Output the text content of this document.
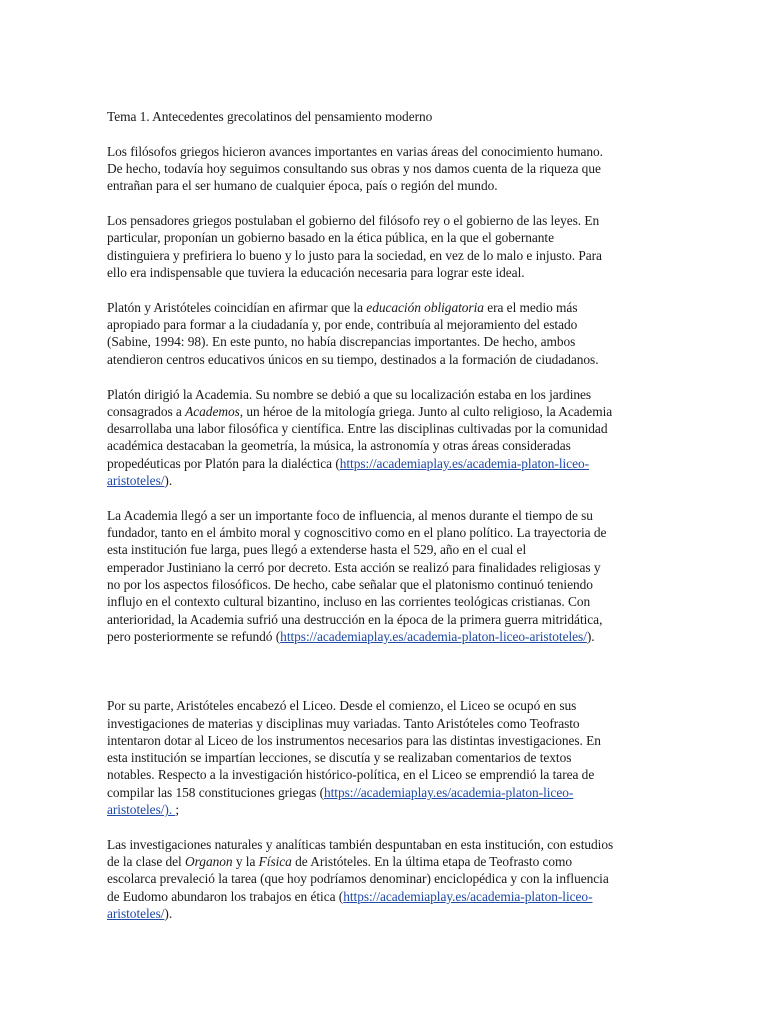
Tema 1. Antecedentes grecolatinos del pensamiento moderno
Los filósofos griegos hicieron avances importantes en varias áreas del conocimiento humano.
De hecho, todavía hoy seguimos consultando sus obras y nos damos cuenta de la riqueza que
entrañan para el ser humano de cualquier época, país o región del mundo.
Los pensadores griegos postulaban el gobierno del filósofo rey o el gobierno de las leyes. En
particular, proponían un gobierno basado en la ética pública, en la que el gobernante
distinguiera y prefiriera lo bueno y lo justo para la sociedad, en vez de lo malo e injusto. Para
ello era indispensable que tuviera la educación necesaria para lograr este ideal.
Platón y Aristóteles coincidían en afirmar que la educación obligatoria era el medio más
apropiado para formar a la ciudadanía y, por ende, contribuía al mejoramiento del estado
(Sabine, 1994: 98). En este punto, no había discrepancias importantes. De hecho, ambos
atendieron centros educativos únicos en su tiempo, destinados a la formación de ciudadanos.
Platón dirigió la Academia. Su nombre se debió a que su localización estaba en los jardines
consagrados a Academos, un héroe de la mitología griega. Junto al culto religioso, la Academia
desarrollaba una labor filosófica y científica. Entre las disciplinas cultivadas por la comunidad
académica destacaban la geometría, la música, la astronomía y otras áreas consideradas
propedéuticas por Platón para la dialéctica (https://academiaplay.es/academia-platon-liceo-
aristoteles/).
La Academia llegó a ser un importante foco de influencia, al menos durante el tiempo de su
fundador, tanto en el ámbito moral y cognoscitivo como en el plano político. La trayectoria de
esta institución fue larga, pues llegó a extenderse hasta el 529, año en el cual el
emperador Justiniano la cerró por decreto. Esta acción se realizó para finalidades religiosas y
no por los aspectos filosóficos. De hecho, cabe señalar que el platonismo continuó teniendo
influjo en el contexto cultural bizantino, incluso en las corrientes teológicas cristianas. Con
anterioridad, la Academia sufrió una destrucción en la época de la primera guerra mitridática,
pero posteriormente se refundó (https://academiaplay.es/academia-platon-liceo-aristoteles/).
Por su parte, Aristóteles encabezó el Liceo. Desde el comienzo, el Liceo se ocupó en sus
investigaciones de materias y disciplinas muy variadas. Tanto Aristóteles como Teofrasto
intentaron dotar al Liceo de los instrumentos necesarios para las distintas investigaciones. En
esta institución se impartían lecciones, se discutía y se realizaban comentarios de textos
notables. Respecto a la investigación histórico-política, en el Liceo se emprendió la tarea de
compilar las 158 constituciones griegas (https://academiaplay.es/academia-platon-liceo-
aristoteles/). ;
Las investigaciones naturales y analíticas también despuntaban en esta institución, con estudios
de la clase del Organon y la Física de Aristóteles. En la última etapa de Teofrasto como
escolarca prevaleció la tarea (que hoy podríamos denominar) enciclopédica y con la influencia
de Eudomo abundaron los trabajos en ética (https://academiaplay.es/academia-platon-liceo-
aristoteles/).
